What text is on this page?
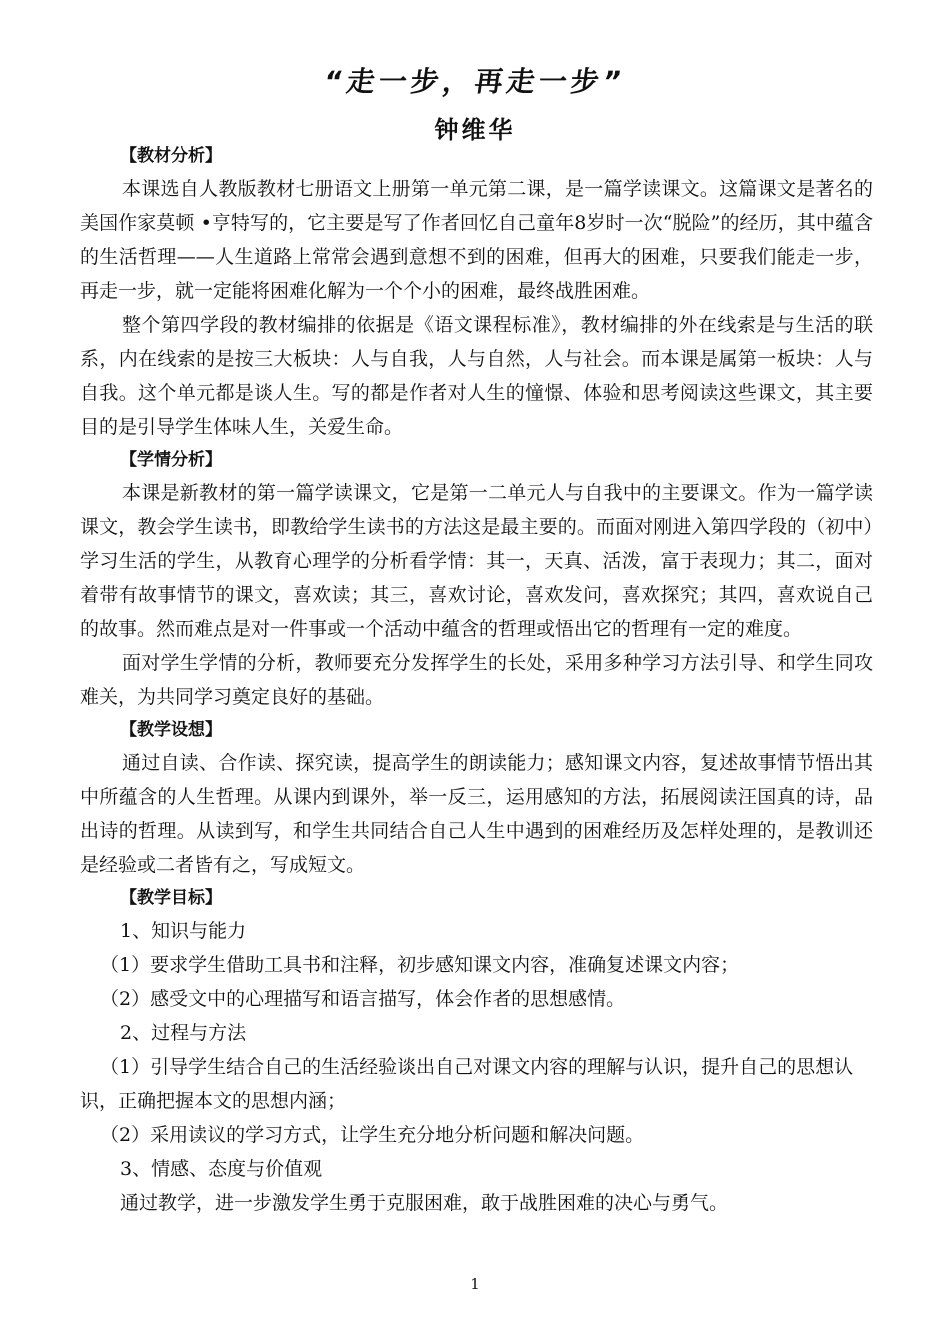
“走一步，再走一步”
钟维华
【教材分析】

本课选自人教版教材七册语文上册第一单元第二课，是一篇学读课文。这篇课文是著名的美国作家莫顿 •亨特写的，它主要是写了作者回忆自己童年8岁时一次“脱险”的经历，其中蕴含的生活哲理——人生道路上常常会遇到意想不到的困难，但再大的困难，只要我们能走一步，再走一步，就一定能将困难化解为一个个小的困难，最终战胜困难。

整个第四学段的教材编排的依据是《语文课程标准》，教材编排的外在线索是与生活的联系，内在线索的是按三大板块：人与自我，人与自然，人与社会。而本课是属第一板块：人与自我。这个单元都是谈人生。写的都是作者对人生的憧憬、体验和思考阅读这些课文，其主要目的是引导学生体味人生，关爱生命。

【学情分析】

本课是新教材的第一篇学读课文，它是第一二单元人与自我中的主要课文。作为一篇学读课文，教会学生读书，即教给学生读书的方法这是最主要的。而面对刚进入第四学段的（初中）学习生活的学生，从教育心理学的分析看学情：其一，天真、活泼，富于表现力；其二，面对着带有故事情节的课文，喜欢读；其三，喜欢讨论，喜欢发问，喜欢探究；其四，喜欢说自己的故事。然而难点是对一件事或一个活动中蕴含的哲理或悟出它的哲理有一定的难度。

面对学生学情的分析，教师要充分发挥学生的长处，采用多种学习方法引导、和学生同攻难关，为共同学习奠定良好的基础。

【教学设想】

通过自读、合作读、探究读，提高学生的朗读能力；感知课文内容，复述故事情节悟出其中所蕴含的人生哲理。从课内到课外，举一反三，运用感知的方法，拓展阅读汪国真的诗，品出诗的哲理。从读到写，和学生共同结合自己人生中遇到的困难经历及怎样处理的，是教训还是经验或二者皆有之，写成短文。

【教学目标】

1、知识与能力

（1）要求学生借助工具书和注释，初步感知课文内容，准确复述课文内容；

（2）感受文中的心理描写和语言描写，体会作者的思想感情。

2、过程与方法

（1）引导学生结合自己的生活经验谈出自己对课文内容的理解与认识，提升自己的思想认识，正确把握本文的思想内涵；

（2）采用读议的学习方式，让学生充分地分析问题和解决问题。

3、情感、态度与价值观

通过教学，进一步激发学生勇于克服困难，敢于战胜困难的决心与勇气。

1
